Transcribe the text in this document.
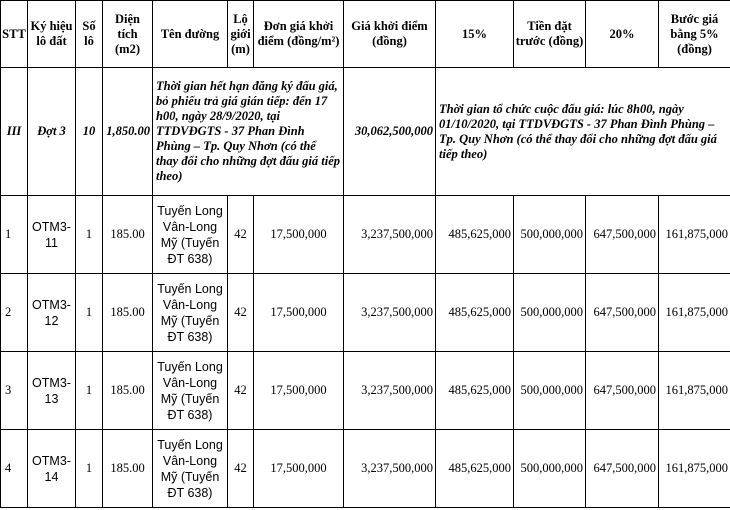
STT	Ký hiệu lô đất	Số lô	Diện tích (m2)	Tên đường	Lộ giới (m)	Đơn giá khởi điểm (đồng/m²)	Giá khởi điểm (đồng)	15%	Tiền đặt trước (đồng)	20%	Bước giá bằng 5% (đồng)
III	Đợt 3	10	1,850.00	Thời gian hết hạn đăng ký đấu giá, bỏ phiếu trả giá gián tiếp: đến 17 h00, ngày 28/9/2020, tại TTDVĐGTS - 37 Phan Đình Phùng – Tp. Quy Nhơn (có thể thay đổi cho những đợt đấu giá tiếp theo)			30,062,500,000	Thời gian tổ chức cuộc đấu giá: lúc 8h00, ngày 01/10/2020, tại TTDVĐGTS - 37 Phan Đình Phùng –Tp. Quy Nhơn (có thể thay đổi cho những đợt đấu giá tiếp theo)			
1	OTM3-11	1	185.00	Tuyến Long Vân-Long Mỹ (Tuyến ĐT 638)	42	17,500,000	3,237,500,000	485,625,000	500,000,000	647,500,000	161,875,000
2	OTM3-12	1	185.00	Tuyến Long Vân-Long Mỹ (Tuyến ĐT 638)	42	17,500,000	3,237,500,000	485,625,000	500,000,000	647,500,000	161,875,000
3	OTM3-13	1	185.00	Tuyến Long Vân-Long Mỹ (Tuyến ĐT 638)	42	17,500,000	3,237,500,000	485,625,000	500,000,000	647,500,000	161,875,000
4	OTM3-14	1	185.00	Tuyến Long Vân-Long Mỹ (Tuyến ĐT 638)	42	17,500,000	3,237,500,000	485,625,000	500,000,000	647,500,000	161,875,000
